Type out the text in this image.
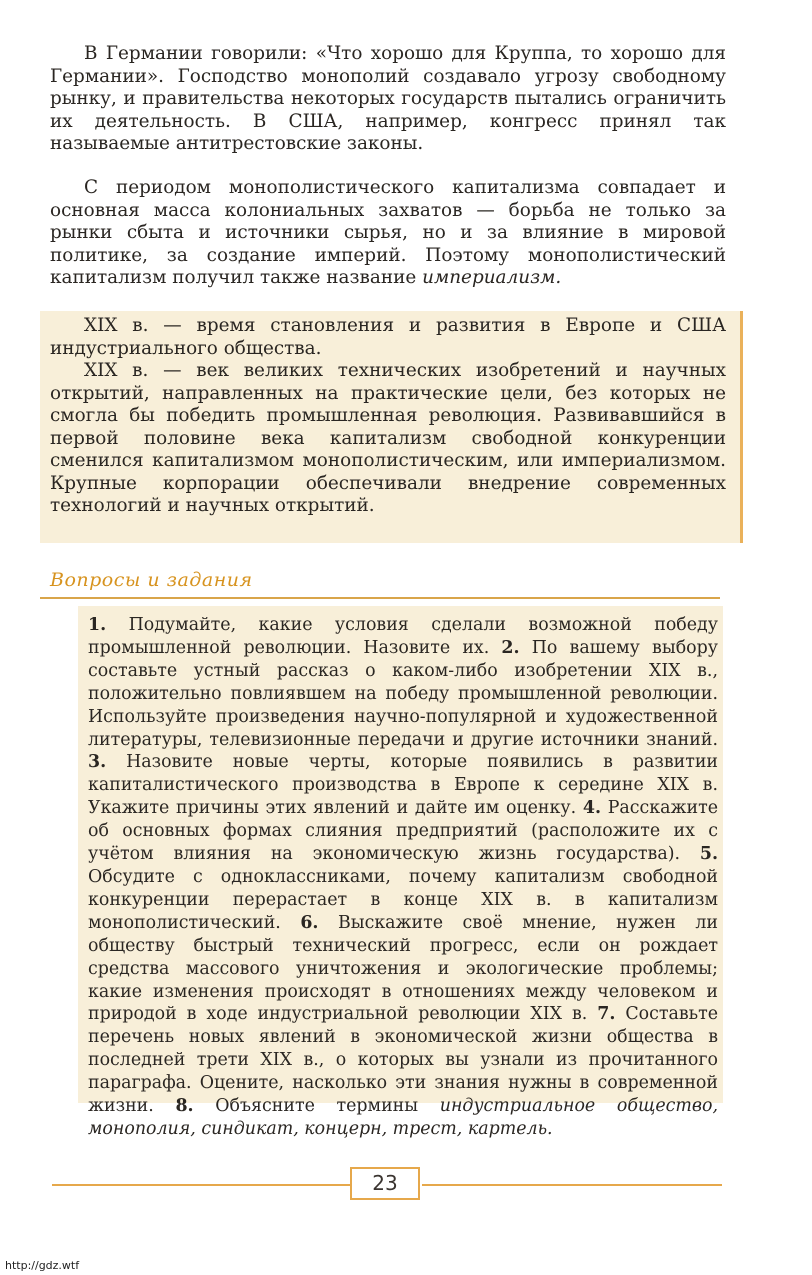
В Германии говорили: «Что хорошо для Круппа, то хорошо для Германии». Господство монополий создавало угрозу свободному рынку, и правительства некоторых государств пытались ограничить их деятельность. В США, например, конгресс принял так называемые антитрестовские законы.
С периодом монополистического капитализма совпадает и основная масса колониальных захватов — борьба не только за рынки сбыта и источники сырья, но и за влияние в мировой политике, за создание империй. Поэтому монополистический капитализм получил также название империализм.
XIX в. — время становления и развития в Европе и США индустриального общества.
XIX в. — век великих технических изобретений и научных открытий, направленных на практические цели, без которых не смогла бы победить промышленная революция. Развивавшийся в первой половине века капитализм свободной конкуренции сменился капитализмом монополистическим, или империализмом. Крупные корпорации обеспечивали внедрение современных технологий и научных открытий.
Вопросы и задания
1. Подумайте, какие условия сделали возможной победу промышленной революции. Назовите их. 2. По вашему выбору составьте устный рассказ о каком-либо изобретении XIX в., положительно повлиявшем на победу промышленной революции. Используйте произведения научно-популярной и художественной литературы, телевизионные передачи и другие источники знаний. 3. Назовите новые черты, которые появились в развитии капиталистического производства в Европе к середине XIX в. Укажите причины этих явлений и дайте им оценку. 4. Расскажите об основных формах слияния предприятий (расположите их с учётом влияния на экономическую жизнь государства). 5. Обсудите с одноклассниками, почему капитализм свободной конкуренции перерастает в конце XIX в. в капитализм монополистический. 6. Выскажите своё мнение, нужен ли обществу быстрый технический прогресс, если он рождает средства массового уничтожения и экологические проблемы; какие изменения происходят в отношениях между человеком и природой в ходе индустриальной революции XIX в. 7. Составьте перечень новых явлений в экономической жизни общества в последней трети XIX в., о которых вы узнали из прочитанного параграфа. Оцените, насколько эти знания нужны в современной жизни. 8. Объясните термины индустриальное общество, монополия, синдикат, концерн, трест, картель.
23
http://gdz.wtf
